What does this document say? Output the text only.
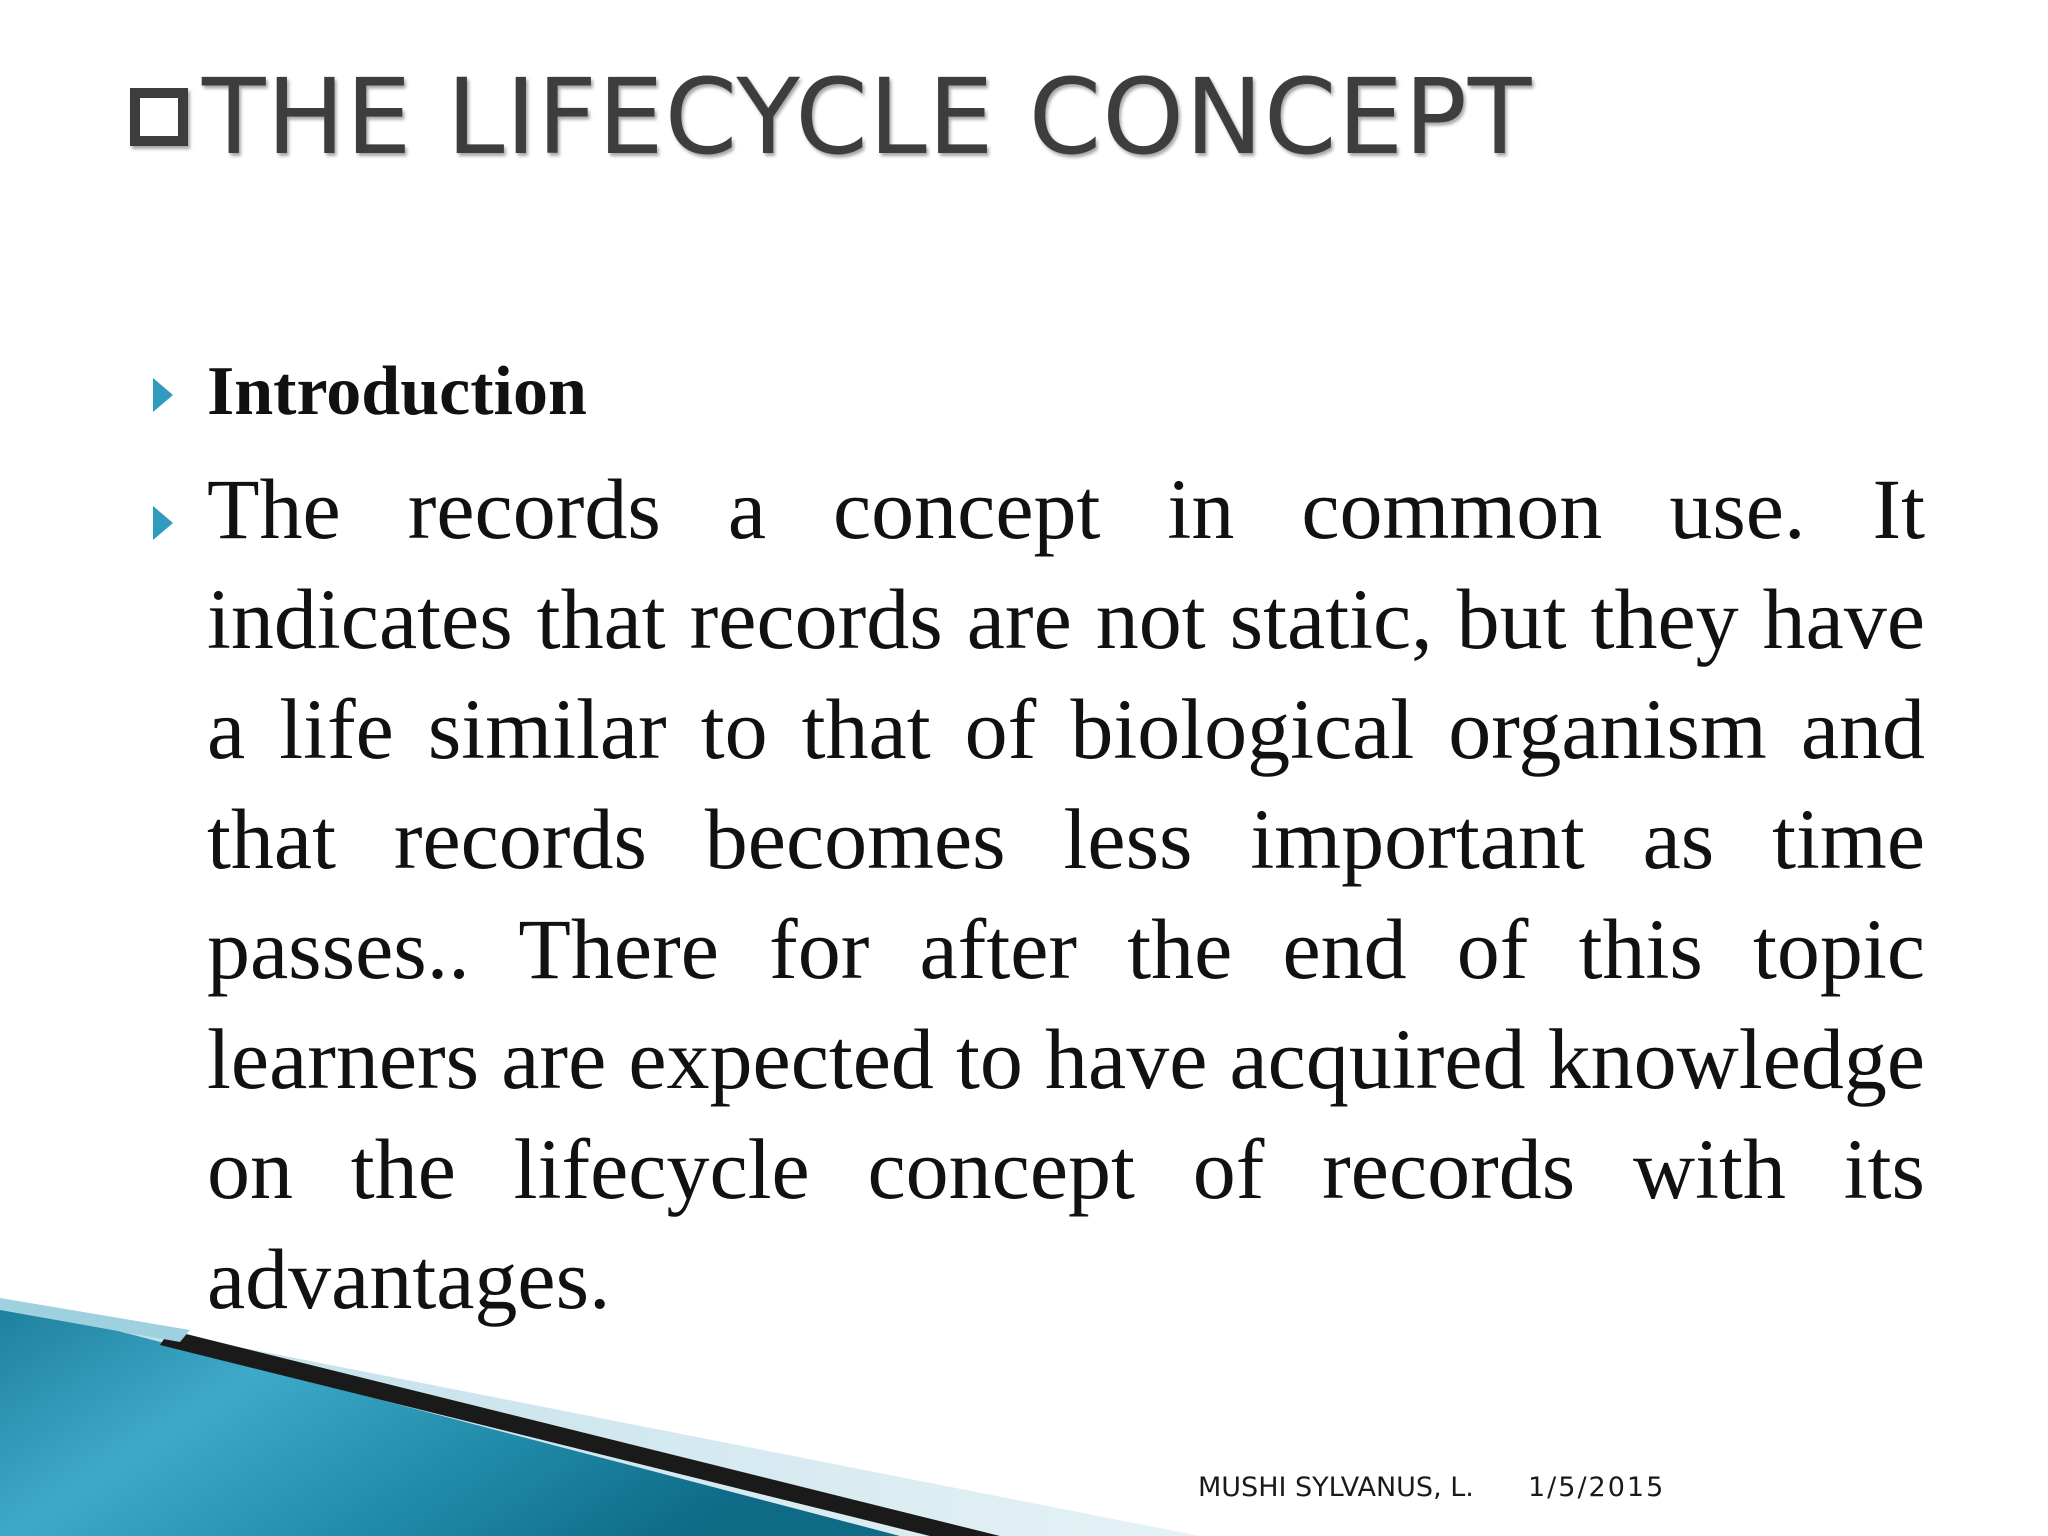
THE LIFECYCLE CONCEPT
Introduction
The records a concept in common use. It indicates that records are not static, but they have a life similar to that of biological organism and that records becomes less important as time passes.. There for after the end of this topic learners are expected to have acquired knowledge on the lifecycle concept of records with its advantages.
MUSHI SYLVANUS, L. 1/5/2015
